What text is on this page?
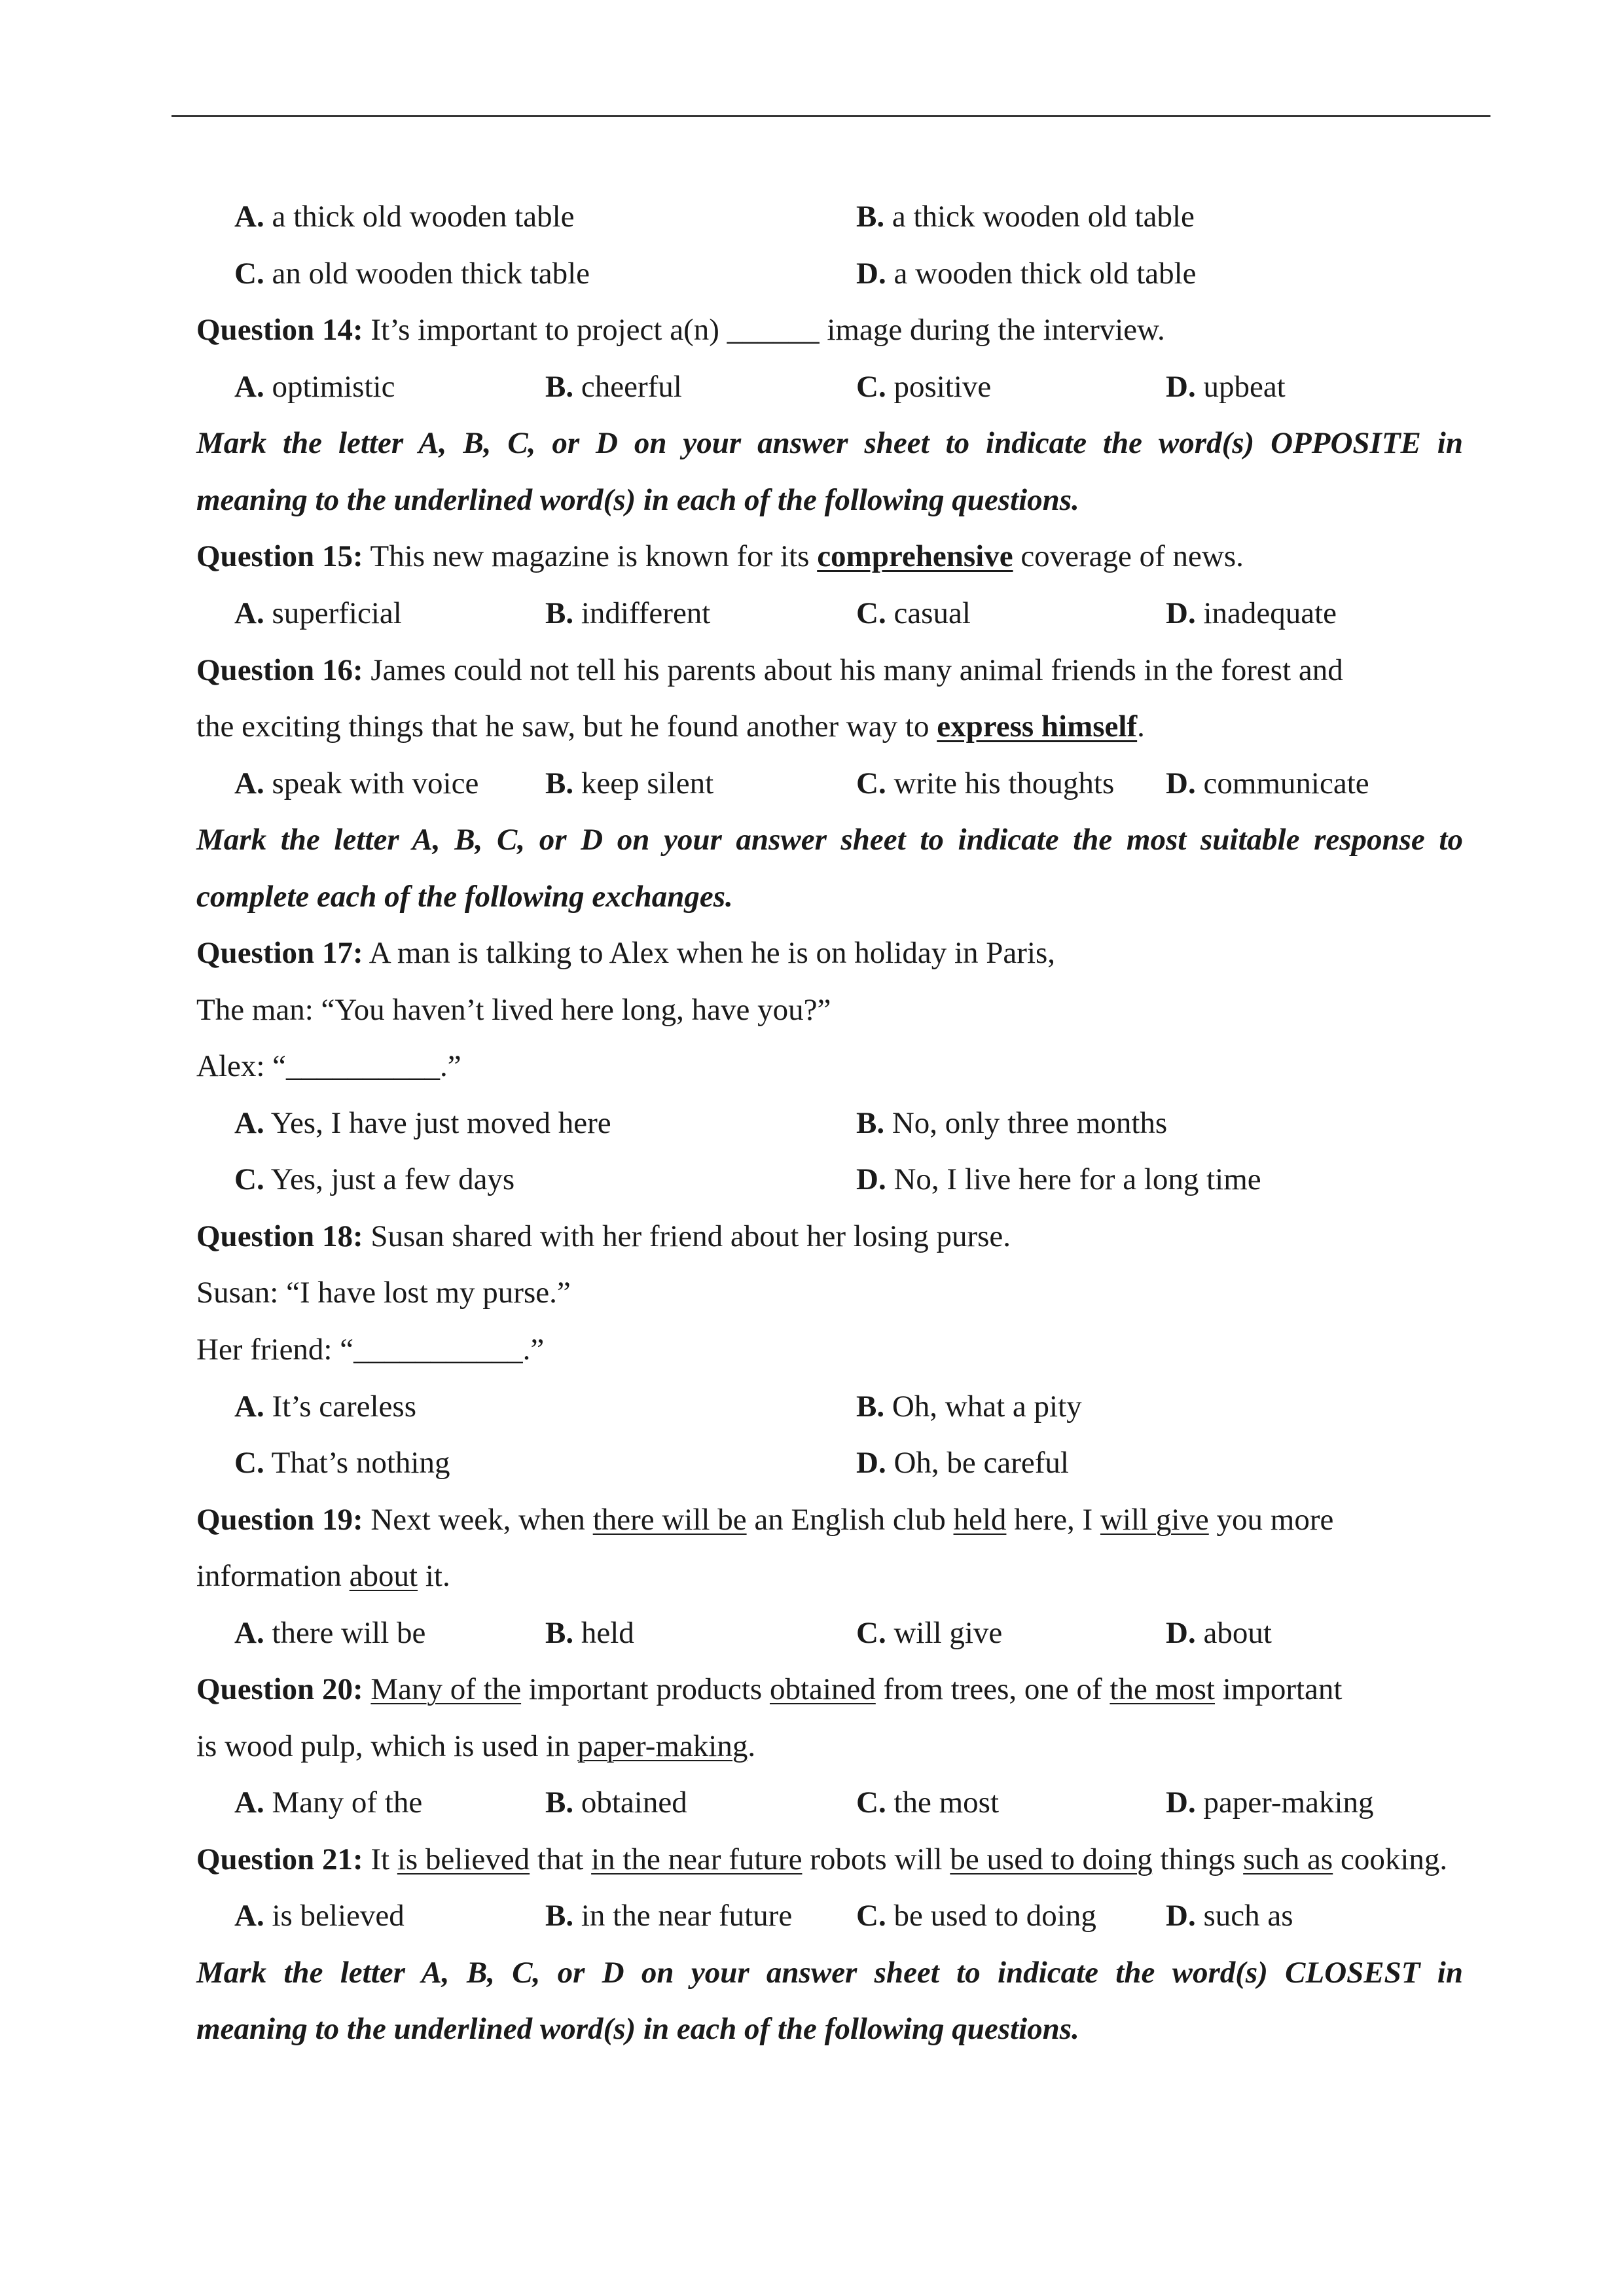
A. a thick old wooden table	B. a thick wooden old table
C. an old wooden thick table	D. a wooden thick old table
Question 14: It’s important to project a(n) ______ image during the interview.
A. optimistic	B. cheerful	C. positive	D. upbeat
Mark the letter A, B, C, or D on your answer sheet to indicate the word(s) OPPOSITE in
meaning to the underlined word(s) in each of the following questions.
Question 15: This new magazine is known for its comprehensive coverage of news.
A. superficial	B. indifferent	C. casual	D. inadequate
Question 16: James could not tell his parents about his many animal friends in the forest and
the exciting things that he saw, but he found another way to express himself.
A. speak with voice B. keep silent	C. write his thoughts D. communicate
Mark the letter A, B, C, or D on your answer sheet to indicate the most suitable response to
complete each of the following exchanges.
Question 17: A man is talking to Alex when he is on holiday in Paris,
The man: “You haven’t lived here long, have you?”
Alex: “__________.”
A. Yes, I have just moved here	B. No, only three months
C. Yes, just a few days	D. No, I live here for a long time
Question 18: Susan shared with her friend about her losing purse.
Susan: “I have lost my purse.”
Her friend: “___________.”
A. It’s careless	B. Oh, what a pity
C. That’s nothing	D. Oh, be careful
Question 19: Next week, when there will be an English club held here, I will give you more
information about it.
A. there will be	B. held	C. will give	D. about
Question 20: Many of the important products obtained from trees, one of the most important
is wood pulp, which is used in paper-making.
A. Many of the	B. obtained	C. the most	D. paper-making
Question 21: It is believed that in the near future robots will be used to doing things such as cooking.
A. is believed	B. in the near future C. be used to doing D. such as
Mark the letter A, B, C, or D on your answer sheet to indicate the word(s) CLOSEST in
meaning to the underlined word(s) in each of the following questions.
